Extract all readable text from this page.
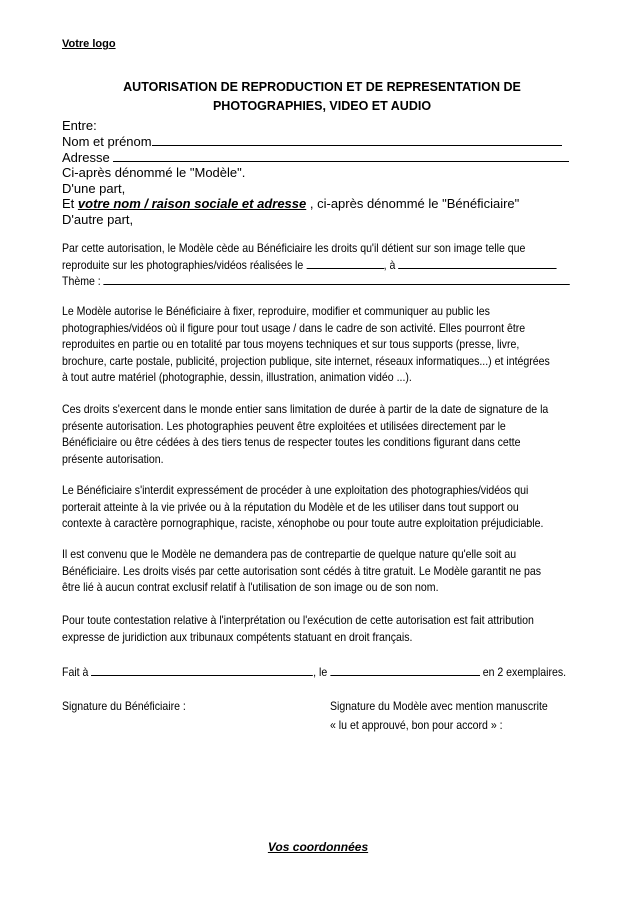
Votre logo
AUTORISATION DE REPRODUCTION ET DE REPRESENTATION DE
PHOTOGRAPHIES, VIDEO ET AUDIO
Entre:
Nom et prénom
Adresse
Ci-après dénommé le "Modèle".
D'une part,
Et votre nom / raison sociale et adresse , ci-après dénommé le "Bénéficiaire"
D'autre part,

Par cette autorisation, le Modèle cède au Bénéficiaire les droits qu'il détient sur son image telle que

reproduite sur les photographies/vidéos réalisées le	, à
Thème :

Le Modèle autorise le Bénéficiaire à fixer, reproduire, modifier et communiquer au public les

photographies/vidéos où il figure pour tout usage / dans le cadre de son activité. Elles pourront être

reproduites en partie ou en totalité par tous moyens techniques et sur tous supports (presse, livre,

brochure, carte postale, publicité, projection publique, site internet, réseaux informatiques...) et intégrées

à tout autre matériel (photographie, dessin, illustration, animation vidéo ...).

Ces droits s'exercent dans le monde entier sans limitation de durée à partir de la date de signature de la

présente autorisation. Les photographies peuvent être exploitées et utilisées directement par le

Bénéficiaire ou être cédées à des tiers tenus de respecter toutes les conditions figurant dans cette

présente autorisation.

Le Bénéficiaire s'interdit expressément de procéder à une exploitation des photographies/vidéos qui

porterait atteinte à la vie privée ou à la réputation du Modèle et de les utiliser dans tout support ou

contexte à caractère pornographique, raciste, xénophobe ou pour toute autre exploitation préjudiciable.

Il est convenu que le Modèle ne demandera pas de contrepartie de quelque nature qu'elle soit au

Bénéficiaire. Les droits visés par cette autorisation sont cédés à titre gratuit. Le Modèle garantit ne pas

être lié à aucun contrat exclusif relatif à l'utilisation de son image ou de son nom.

Pour toute contestation relative à l'interprétation ou l'exécution de cette autorisation est fait attribution

expresse de juridiction aux tribunaux compétents statuant en droit français.

Fait à	, le	en 2 exemplaires.
Signature du Bénéficiaire :	Signature du Modèle avec mention manuscrite
« lu et approuvé, bon pour accord » :
Vos coordonnées
